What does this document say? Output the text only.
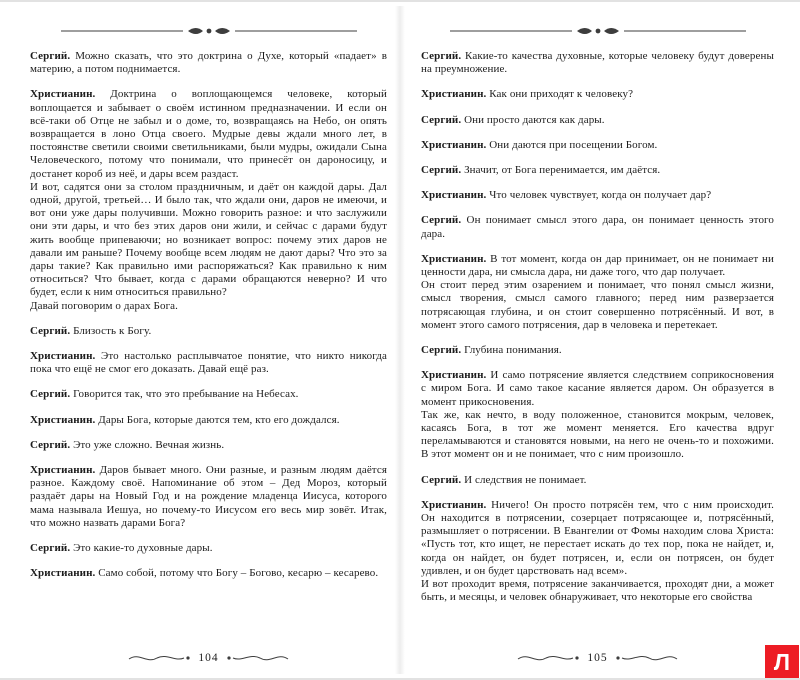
Сергий. Можно сказать, что это доктрина о Духе, который «падает» в материю, а потом поднимается.

Христианин. Доктрина о воплощающемся человеке, который воплощается и забывает о своём истинном предназначении. И если он всё-таки об Отце не забыл и о доме, то, возвращаясь на Небо, он опять возвращается в лоно Отца своего. Мудрые девы ждали много лет, в постоянстве светили своими светильниками, были мудры, ожидали Сына Человеческого, потому что понимали, что принесёт он дароносицу, и достанет короб из неё, и дары всем раздаст.

И вот, садятся они за столом праздничным, и даёт он каждой дары. Дал одной, другой, третьей… И было так, что ждали они, даров не имеючи, и вот они уже дары получивши. Можно говорить разное: и что заслужили они эти дары, и что без этих даров они жили, и сейчас с дарами будут жить вообще припеваючи; но возникает вопрос: почему этих даров не давали им раньше? Почему вообще всем людям не дают дары? Что это за дары такие? Как правильно ими распоряжаться? Как правильно к ним относиться? Что бывает, когда с дарами обращаются неверно? И что будет, если к ним относиться правильно?

Давай поговорим о дарах Бога.

Сергий. Близость к Богу.

Христианин. Это настолько расплывчатое понятие, что никто никогда пока что ещё не смог его доказать. Давай ещё раз.

Сергий. Говорится так, что это пребывание на Небесах.

Христианин. Дары Бога, которые даются тем, кто его дождался.

Сергий. Это уже сложно. Вечная жизнь.

Христианин. Даров бывает много. Они разные, и разным людям даётся разное. Каждому своё. Напоминание об этом – Дед Мороз, который раздаёт дары на Новый Год и на рождение младенца Иисуса, которого мама называла Иешуа, но почему-то Иисусом его весь мир зовёт. Итак, что можно назвать дарами Бога?

Сергий. Это какие-то духовные дары.

Христианин. Само собой, потому что Богу – Богово, кесарю – кесарево.

104

Сергий. Какие-то качества духовные, которые человеку будут доверены на преумножение.

Христианин. Как они приходят к человеку?

Сергий. Они просто даются как дары.

Христианин. Они даются при посещении Богом.

Сергий. Значит, от Бога перенимается, им даётся.

Христианин. Что человек чувствует, когда он получает дар?

Сергий. Он понимает смысл этого дара, он понимает ценность этого дара.

Христианин. В тот момент, когда он дар принимает, он не понимает ни ценности дара, ни смысла дара, ни даже того, что дар получает.

Он стоит перед этим озарением и понимает, что понял смысл жизни, смысл творения, смысл самого главного; перед ним разверзается потрясающая глубина, и он стоит совершенно потрясённый. И вот, в момент этого самого потрясения, дар в человека и перетекает.

Сергий. Глубина понимания.

Христианин. И само потрясение является следствием соприкосновения с миром Бога. И само такое касание является даром. Он образуется в момент прикосновения.

Так же, как нечто, в воду положенное, становится мокрым, человек, касаясь Бога, в тот же момент меняется. Его качества вдруг переламываются и становятся новыми, на него не очень-то и похожими. В этот момент он и не понимает, что с ним произошло.

Сергий. И следствия не понимает.

Христианин. Ничего! Он просто потрясён тем, что с ним происходит. Он находится в потрясении, созерцает потрясающее и, потрясённый, размышляет о потрясении. В Евангелии от Фомы находим слова Христа: «Пусть тот, кто ищет, не перестает искать до тех пор, пока не найдет, и, когда он найдет, он будет потрясен, и, если он потрясен, он будет удивлен, и он будет царствовать над всем».

И вот проходит время, потрясение заканчивается, проходят дни, а может быть, и месяцы, и человек обнаруживает, что некоторые его свойства

105	Л
